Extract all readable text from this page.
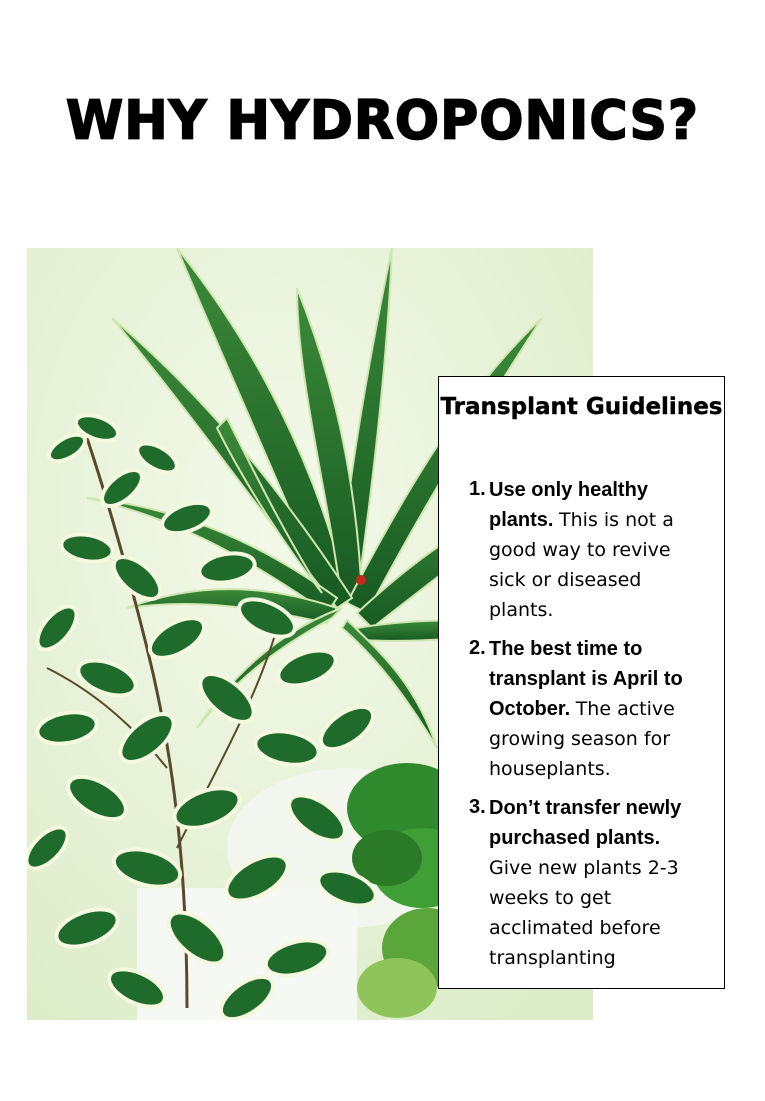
WHY HYDROPONICS?
Transplant Guidelines
1. Use only healthy plants. This is not a good way to revive sick or diseased plants.
2. The best time to transplant is April to October. The active growing season for houseplants.
3. Don’t transfer newly purchased plants. Give new plants 2-3 weeks to get acclimated before transplanting
